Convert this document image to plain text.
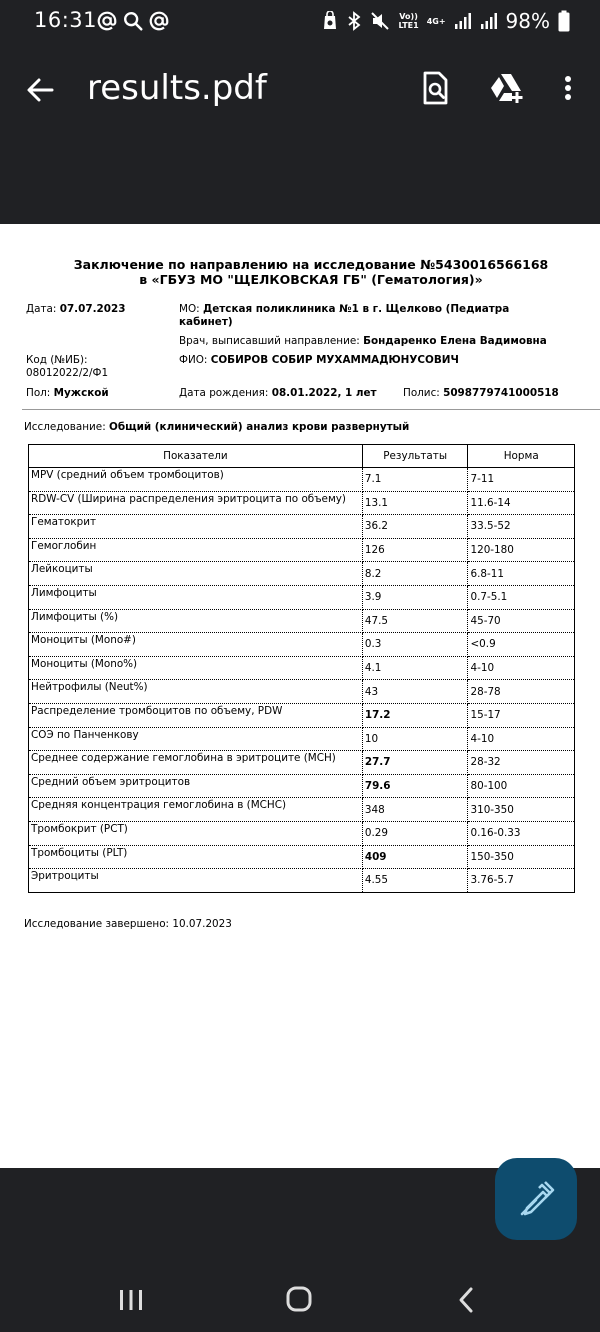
16:31	Vo))
LTE1 4G+	98%
results.pdf
Заключение по направлению на исследование №5430016566168
в «ГБУЗ МО "ЩЕЛКОВСКАЯ ГБ" (Гематология)»
Дата: 07.07.2023	МО: Детская поликлиника №1 в г. Щелково (Педиатра кабинет)
Врач, выписавший направление: Бондаренко Елена Вадимовна
Код (№ИБ):
08012022/2/Ф1
ФИО: СОБИРОВ СОБИР МУХАММАДЮНУСОВИЧ
Пол: Мужской	Дата рождения: 08.01.2022, 1 лет	Полис: 5098779741000518
Исследование: Общий (клинический) анализ крови развернутый
Показатели	Результаты	Норма
MPV (средний объем тромбоцитов)	7.1	7-11
RDW-CV (Ширина распределения эритроцита по объему)	13.1	11.6-14
Гематокрит	36.2	33.5-52
Гемоглобин	126	120-180
Лейкоциты	8.2	6.8-11
Лимфоциты	3.9	0.7-5.1
Лимфоциты (%)	47.5	45-70
Моноциты (Mono#)	0.3	<0.9
Моноциты (Mono%)	4.1	4-10
Нейтрофилы (Neut%)	43	28-78
Распределение тромбоцитов по объему, PDW	17.2	15-17
СОЭ по Панченкову	10	4-10
Среднее содержание гемоглобина в эритроците (MCH)	27.7	28-32
Средний объем эритроцитов	79.6	80-100
Средняя концентрация гемоглобина в (MCHC)	348	310-350
Тромбокрит (PCT)	0.29	0.16-0.33
Тромбоциты (PLT)	409	150-350
Эритроциты	4.55	3.76-5.7
Исследование завершено: 10.07.2023
